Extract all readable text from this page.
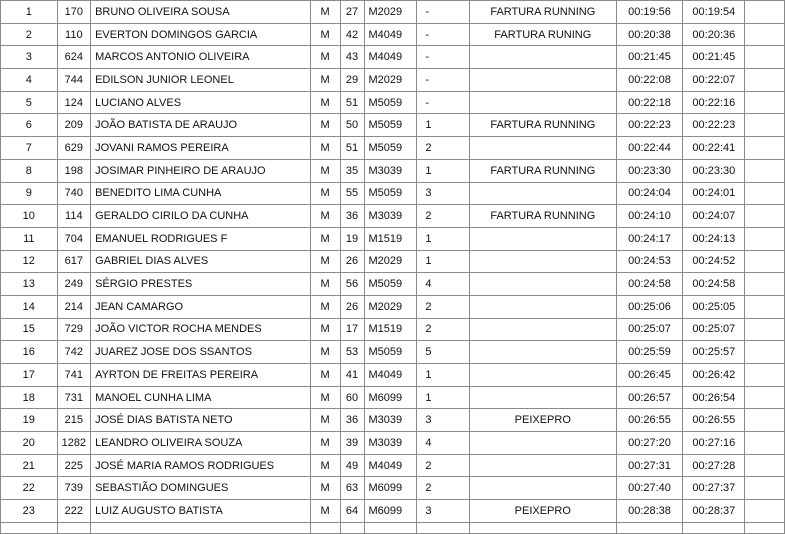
1	170	BRUNO OLIVEIRA SOUSA	M	27	M2029	-	FARTURA RUNNING	00:19:56	00:19:54	
2	110	EVERTON DOMINGOS GARCIA	M	42	M4049	-	FARTURA RUNING	00:20:38	00:20:36	
3	624	MARCOS ANTONIO OLIVEIRA	M	43	M4049	-		00:21:45	00:21:45	
4	744	EDILSON JUNIOR LEONEL	M	29	M2029	-		00:22:08	00:22:07	
5	124	LUCIANO ALVES	M	51	M5059	-		00:22:18	00:22:16	
6	209	JOÃO BATISTA DE ARAUJO	M	50	M5059	1	FARTURA RUNNING	00:22:23	00:22:23	
7	629	JOVANI RAMOS PEREIRA	M	51	M5059	2		00:22:44	00:22:41	
8	198	JOSIMAR PINHEIRO DE ARAUJO	M	35	M3039	1	FARTURA RUNNING	00:23:30	00:23:30	
9	740	BENEDITO LIMA CUNHA	M	55	M5059	3		00:24:04	00:24:01	
10	114	GERALDO CIRILO DA CUNHA	M	36	M3039	2	FARTURA RUNNING	00:24:10	00:24:07	
11	704	EMANUEL RODRIGUES F	M	19	M1519	1		00:24:17	00:24:13	
12	617	GABRIEL DIAS ALVES	M	26	M2029	1		00:24:53	00:24:52	
13	249	SÉRGIO PRESTES	M	56	M5059	4		00:24:58	00:24:58	
14	214	JEAN CAMARGO	M	26	M2029	2		00:25:06	00:25:05	
15	729	JOÃO VICTOR ROCHA MENDES	M	17	M1519	2		00:25:07	00:25:07	
16	742	JUAREZ JOSE DOS SSANTOS	M	53	M5059	5		00:25:59	00:25:57	
17	741	AYRTON DE FREITAS PEREIRA	M	41	M4049	1		00:26:45	00:26:42	
18	731	MANOEL CUNHA LIMA	M	60	M6099	1		00:26:57	00:26:54	
19	215	JOSÉ DIAS BATISTA NETO	M	36	M3039	3	PEIXEPRO	00:26:55	00:26:55	
20	1282	LEANDRO OLIVEIRA SOUZA	M	39	M3039	4		00:27:20	00:27:16	
21	225	JOSÉ MARIA RAMOS RODRIGUES	M	49	M4049	2		00:27:31	00:27:28	
22	739	SEBASTIÃO DOMINGUES	M	63	M6099	2		00:27:40	00:27:37	
23	222	LUIZ AUGUSTO BATISTA	M	64	M6099	3	PEIXEPRO	00:28:38	00:28:37	
